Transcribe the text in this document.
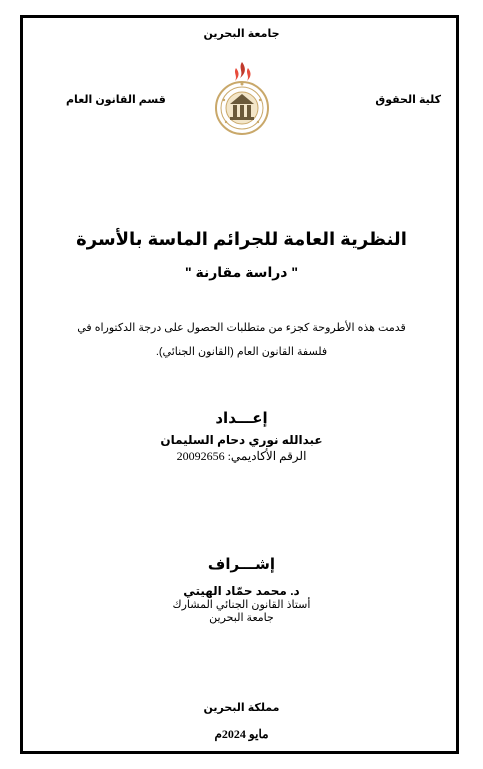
جامعة البحرين
كلية الحقوق
قسم القانون العام
النظرية العامة للجرائم الماسة بالأسرة
" دراسة مقارنة "
قدمت هذه الأطروحة كجزء من متطلبات الحصول على درجة الدكتوراه في
فلسفة القانون العام (القانون الجنائي).
إعـــداد
عبدالله نوري دحام السليمان
الرقم الأكاديمي: 20092656
إشـــراف
د. محمد حمّاد الهيتي
أستاذ القانون الجنائي المشارك
جامعة البحرين
مملكة البحرين
مايو 2024م
